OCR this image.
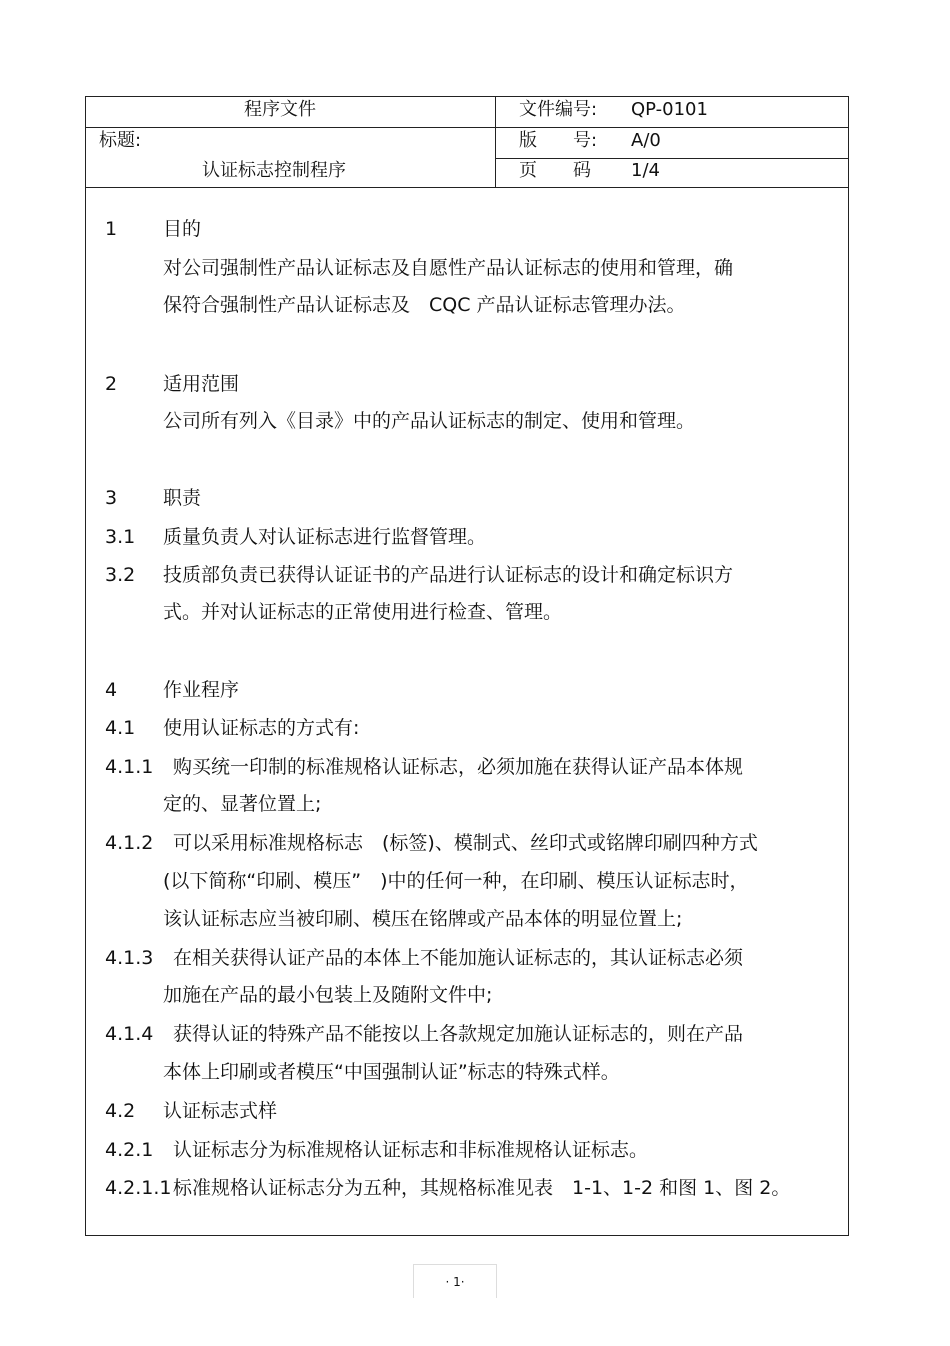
程序文件	文件编号: QP-0101
标题:	版　　号: A/0
认证标志控制程序	页　　码 1/4
1 目的
对公司强制性产品认证标志及自愿性产品认证标志的使用和管理，确
保符合强制性产品认证标志及　CQC 产品认证标志管理办法。
2 适用范围
公司所有列入《目录》中的产品认证标志的制定、使用和管理。
3 职责
3.1 质量负责人对认证标志进行监督管理。
3.2 技质部负责已获得认证证书的产品进行认证标志的设计和确定标识方
式。并对认证标志的正常使用进行检查、管理。
4 作业程序
4.1 使用认证标志的方式有:
4.1.1 购买统一印制的标准规格认证标志，必须加施在获得认证产品本体规
定的、显著位置上;
4.1.2 可以采用标准规格标志　(标签)、模制式、丝印式或铭牌印刷四种方式
(以下简称“印刷、模压”　)中的任何一种，在印刷、模压认证标志时，
该认证标志应当被印刷、模压在铭牌或产品本体的明显位置上;
4.1.3 在相关获得认证产品的本体上不能加施认证标志的，其认证标志必须
加施在产品的最小包装上及随附文件中;
4.1.4 获得认证的特殊产品不能按以上各款规定加施认证标志的，则在产品
本体上印刷或者模压“中国强制认证”标志的特殊式样。
4.2 认证标志式样
4.2.1 认证标志分为标准规格认证标志和非标准规格认证标志。
4.2.1.1 标准规格认证标志分为五种，其规格标准见表　1-1、1-2 和图 1、图 2。
· 1·
